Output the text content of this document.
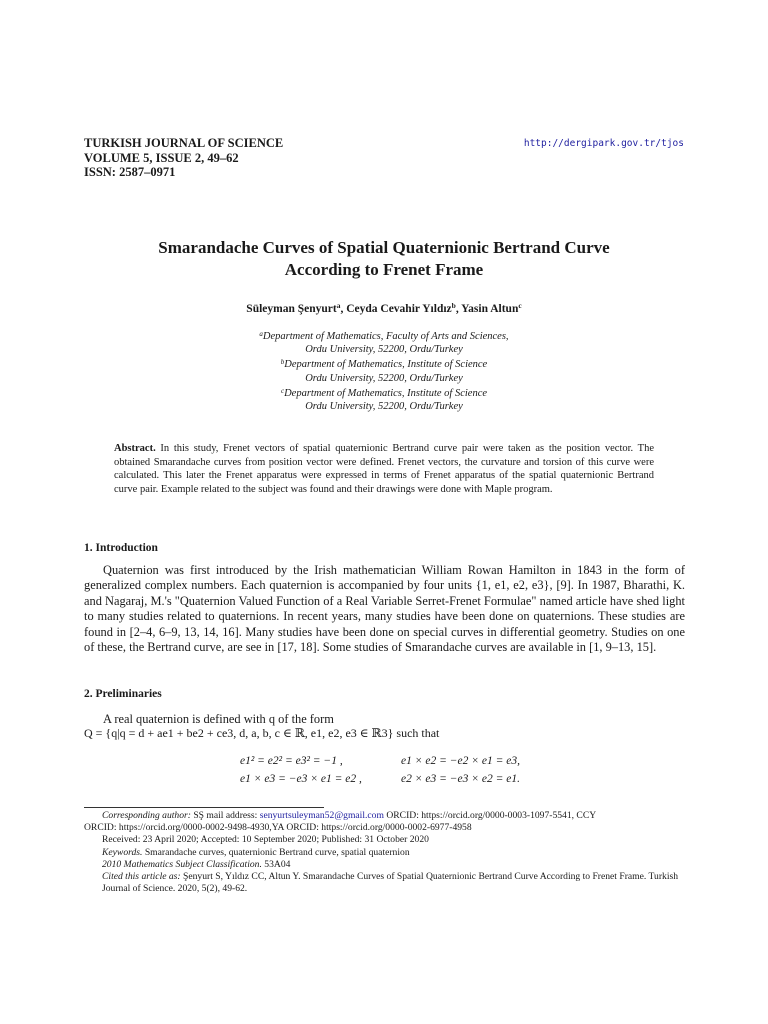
TURKISH JOURNAL OF SCIENCE
VOLUME 5, ISSUE 2, 49–62
ISSN: 2587–0971
http://dergipark.gov.tr/tjos
Smarandache Curves of Spatial Quaternionic Bertrand Curve
According to Frenet Frame
Süleyman Şenyurt$^a$, Ceyda Cevahir Yıldız$^b$, Yasin Altun$^c$
$^a$Department of Mathematics, Faculty of Arts and Sciences,
Ordu University, 52200, Ordu/Turkey
$^b$Department of Mathematics, Institute of Science
Ordu University, 52200, Ordu/Turkey
$^c$Department of Mathematics, Institute of Science
Ordu University, 52200, Ordu/Turkey
Abstract. In this study, Frenet vectors of spatial quaternionic Bertrand curve pair were taken as the position vector. The obtained Smarandache curves from position vector were defined. Frenet vectors, the curvature and torsion of this curve were calculated. This later the Frenet apparatus were expressed in terms of Frenet apparatus of the spatial quaternionic Bertrand curve pair. Example related to the subject was found and their drawings were done with Maple program.
1. Introduction

Quaternion was first introduced by the Irish mathematician William Rowan Hamilton in 1843 in the form of generalized complex numbers. Each quaternion is accompanied by four units {1, e1, e2, e3}, [9]. In 1987, Bharathi, K. and Nagaraj, M.'s "Quaternion Valued Function of a Real Variable Serret-Frenet Formulae" named article have shed light to many studies related to quaternions. In recent years, many studies have been done on quaternions. These studies are found in [2–4, 6–9, 13, 14, 16]. Many studies have been done on special curves in differential geometry. Studies on one of these, the Bertrand curve, are see in [17, 18]. Some studies of Smarandache curves are available in [1, 9–13, 15].

2. Preliminaries

A real quaternion is defined with q of the form

Q = {q|q = d + ae1 + be2 + ce3, d, a, b, c ∈ ℝ, e1, e2, e3 ∈ ℝ3} such that
e1² = e2² = e3² = −1 ,	e1 × e2 = −e2 × e1 = e3,
e1 × e3 = −e3 × e1 = e2 ,	e2 × e3 = −e3 × e2 = e1.
Corresponding author: SŞ mail address: senyurtsuleyman52@gmail.com ORCID: https://orcid.org/0000-0003-1097-5541, CCY
ORCID: https://orcid.org/0000-0002-9498-4930,YA ORCID: https://orcid.org/0000-0002-6977-4958
Received: 23 April 2020; Accepted: 10 September 2020; Published: 31 October 2020
Keywords. Smarandache curves, quaternionic Bertrand curve, spatial quaternion
2010 Mathematics Subject Classification. 53A04
Cited this article as: Şenyurt S, Yıldız CC, Altun Y. Smarandache Curves of Spatial Quaternionic Bertrand Curve According to Frenet Frame. Turkish Journal of Science. 2020, 5(2), 49-62.
